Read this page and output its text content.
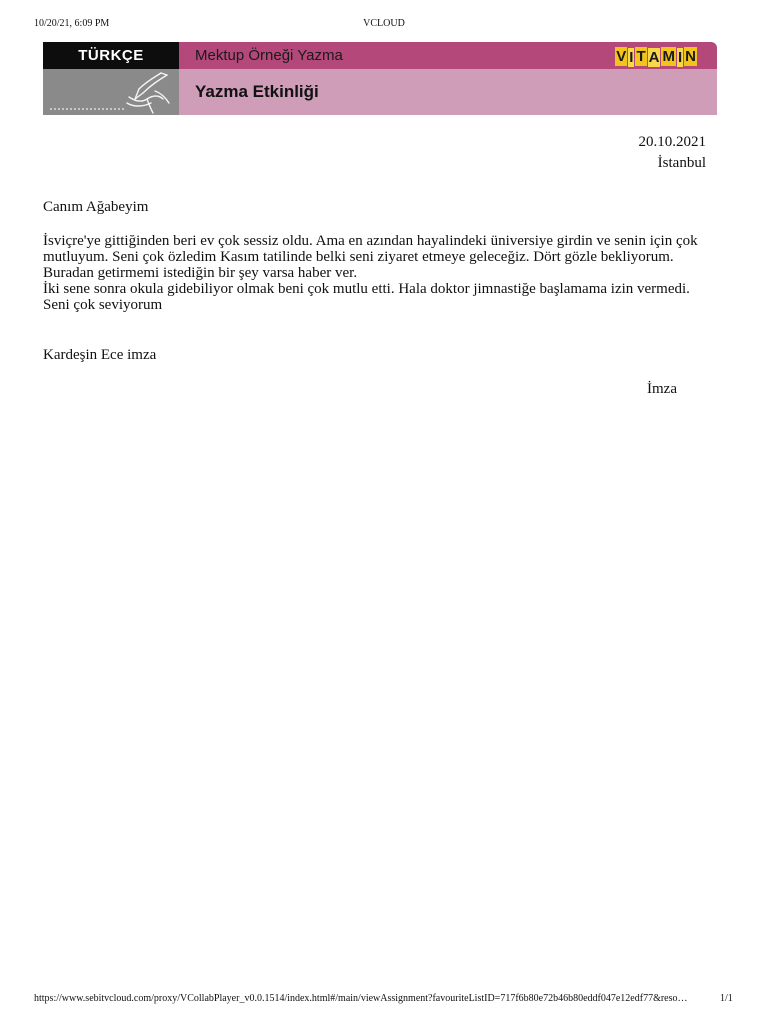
10/20/21, 6:09 PM	VCLOUD
TÜRKÇE	Mektup Örneği Yazma	V I T A M I N
Yazma Etkinliği
20.10.2021
İstanbul
Canım Ağabeyim

İsviçre'ye gittiğinden beri ev çok sessiz oldu. Ama en azından hayalindeki üniversiye girdin ve senin için çok mutluyum. Seni çok özledim Kasım tatilinde belki seni ziyaret etmeye geleceğiz. Dört gözle bekliyorum.

Buradan getirmemi istediğin bir şey varsa haber ver.

İki sene sonra okula gidebiliyor olmak beni çok mutlu etti. Hala doktor jimnastiğe başlamama izin vermedi.

Seni çok seviyorum

Kardeşin Ece imza
İmza
https://www.sebitvcloud.com/proxy/VCollabPlayer_v0.0.1514/index.html#/main/viewAssignment?favouriteListID=717f6b80e72b46b80eddf047e12edf77&reso…	1/1
